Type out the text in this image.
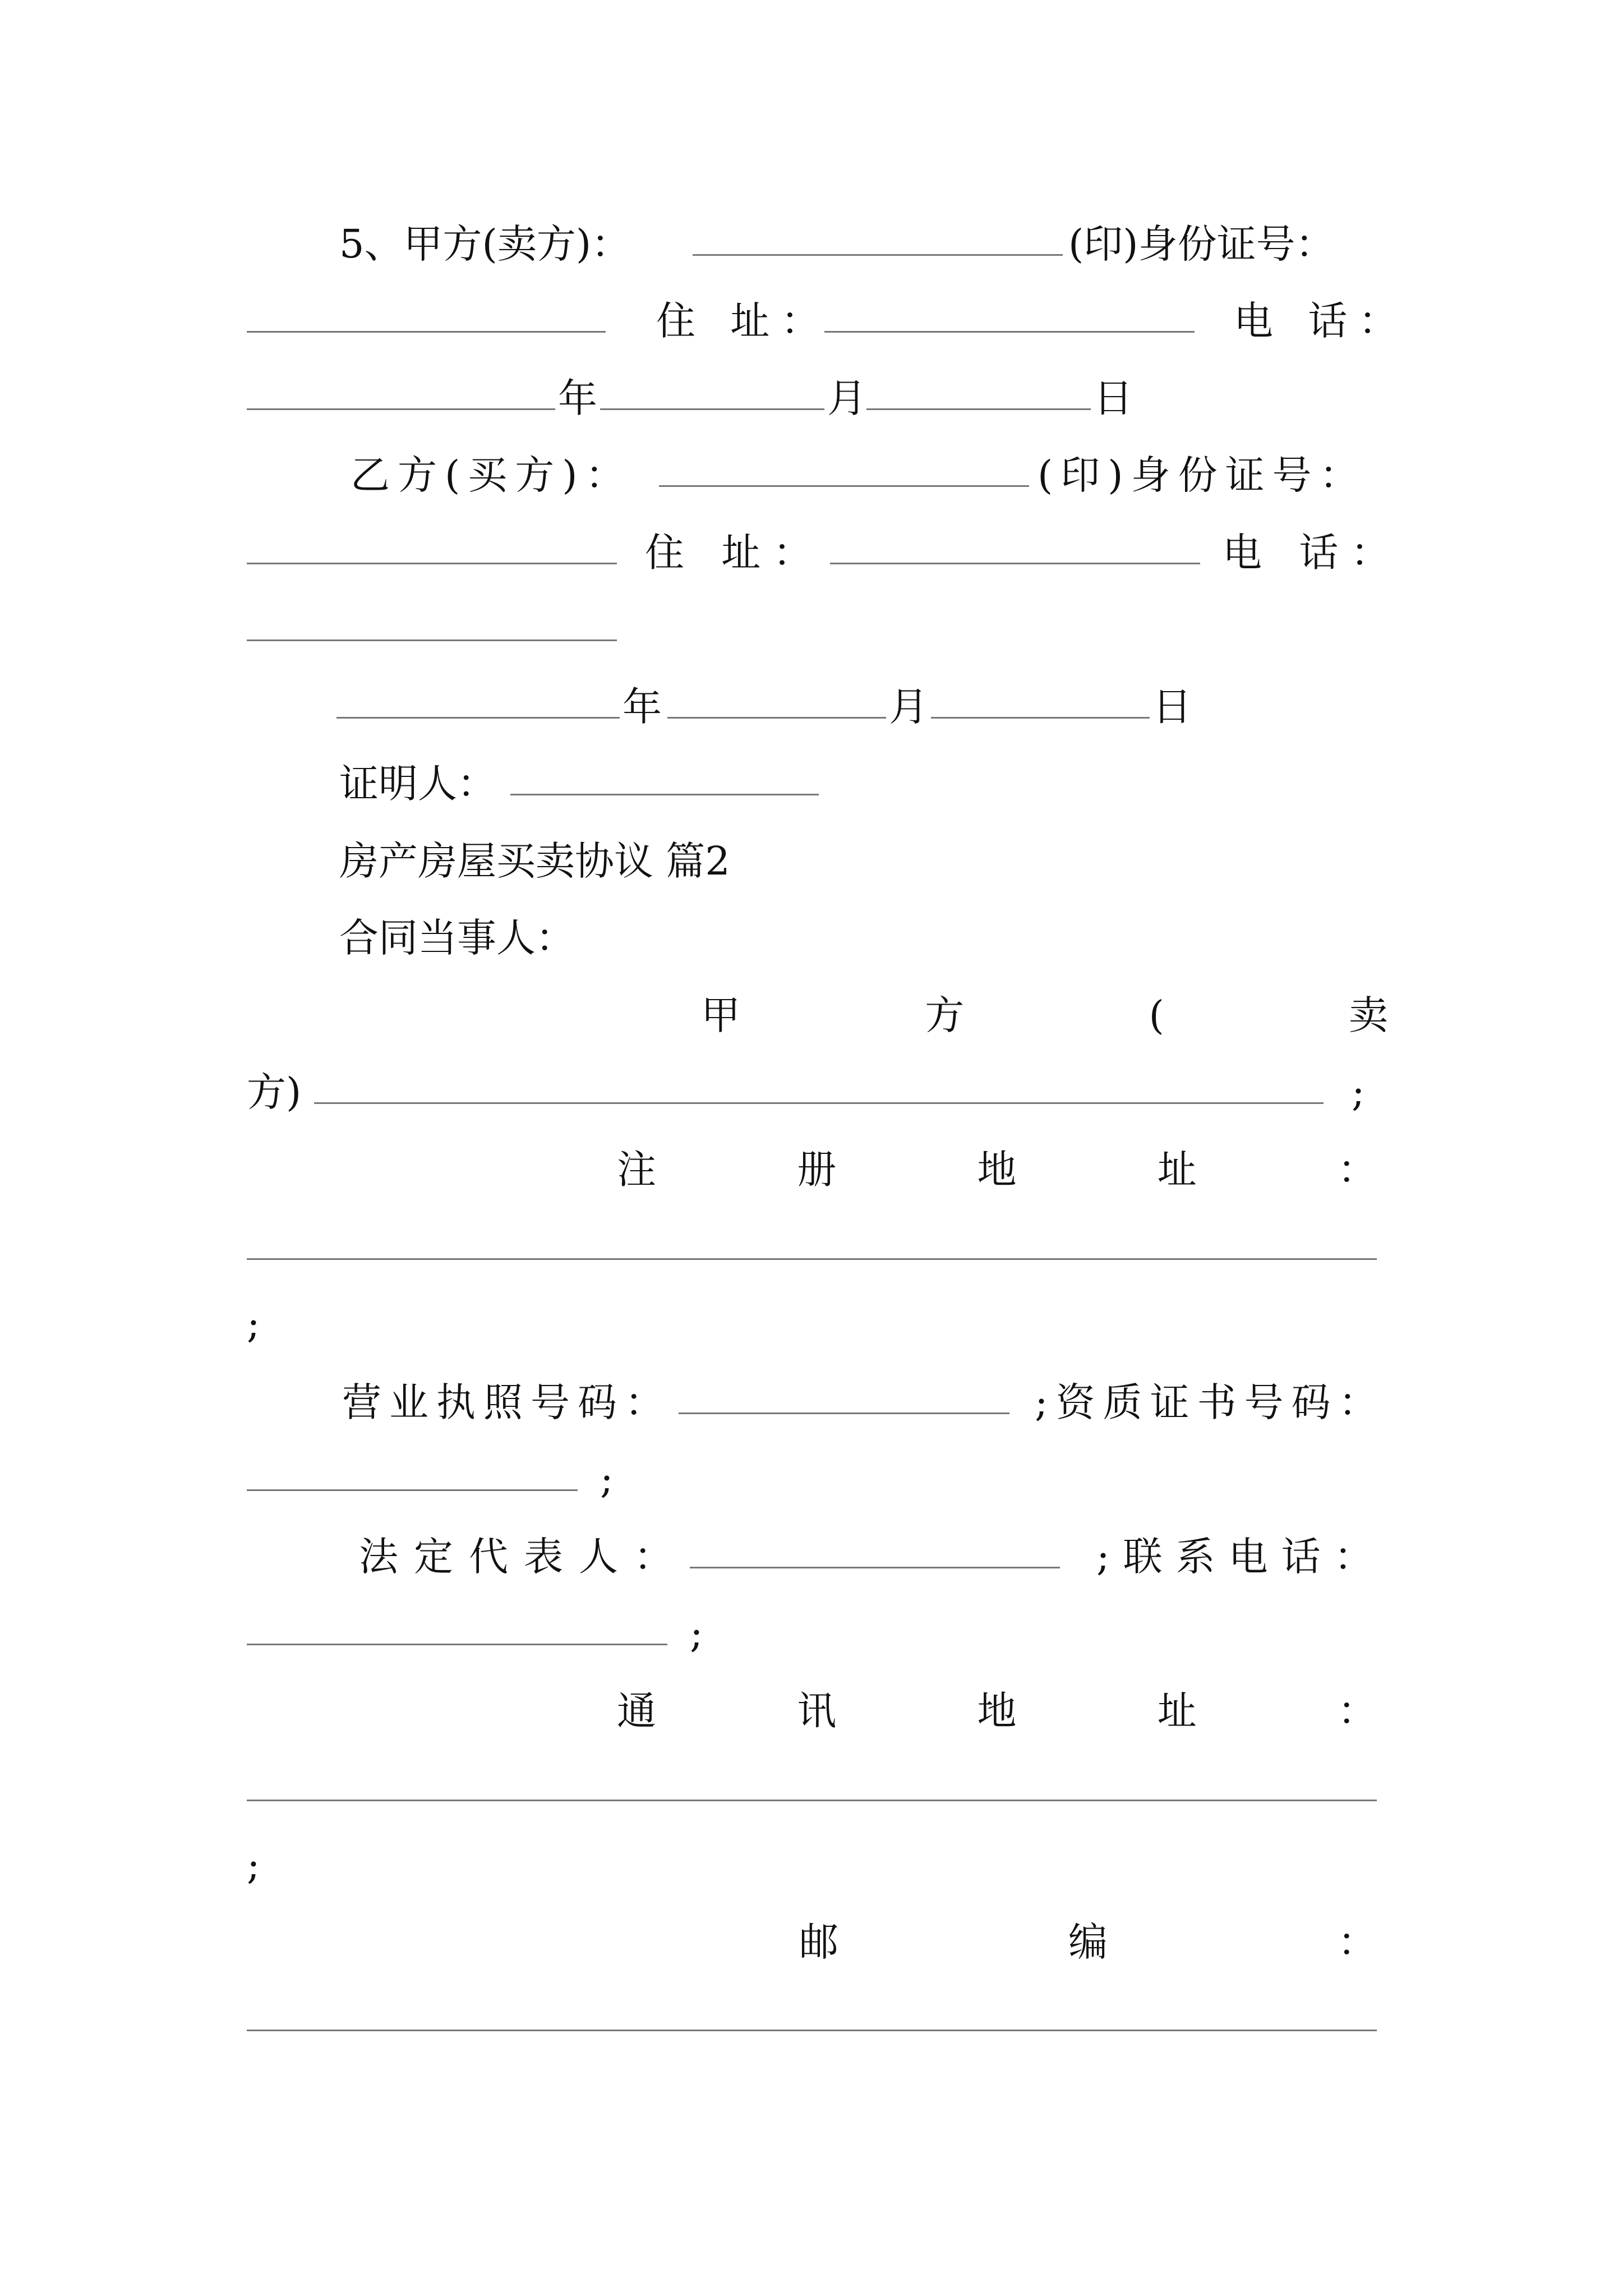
5、甲方(卖方)：	(印)身份证号：
住 址：	电 话：
年	月	日
乙方(买方)：	(印)身份证号：
住 址：	电 话：
年	月	日
证明人：
房产房屋买卖协议 篇2
合同当事人：
甲	方	(	卖
方)	;
注	册	地	址	：
;
营业执照号码：	;资质证书号码：
;
法定代表人：	;联系电话：
;
通	讯	地	址	：
;
邮	编	：
